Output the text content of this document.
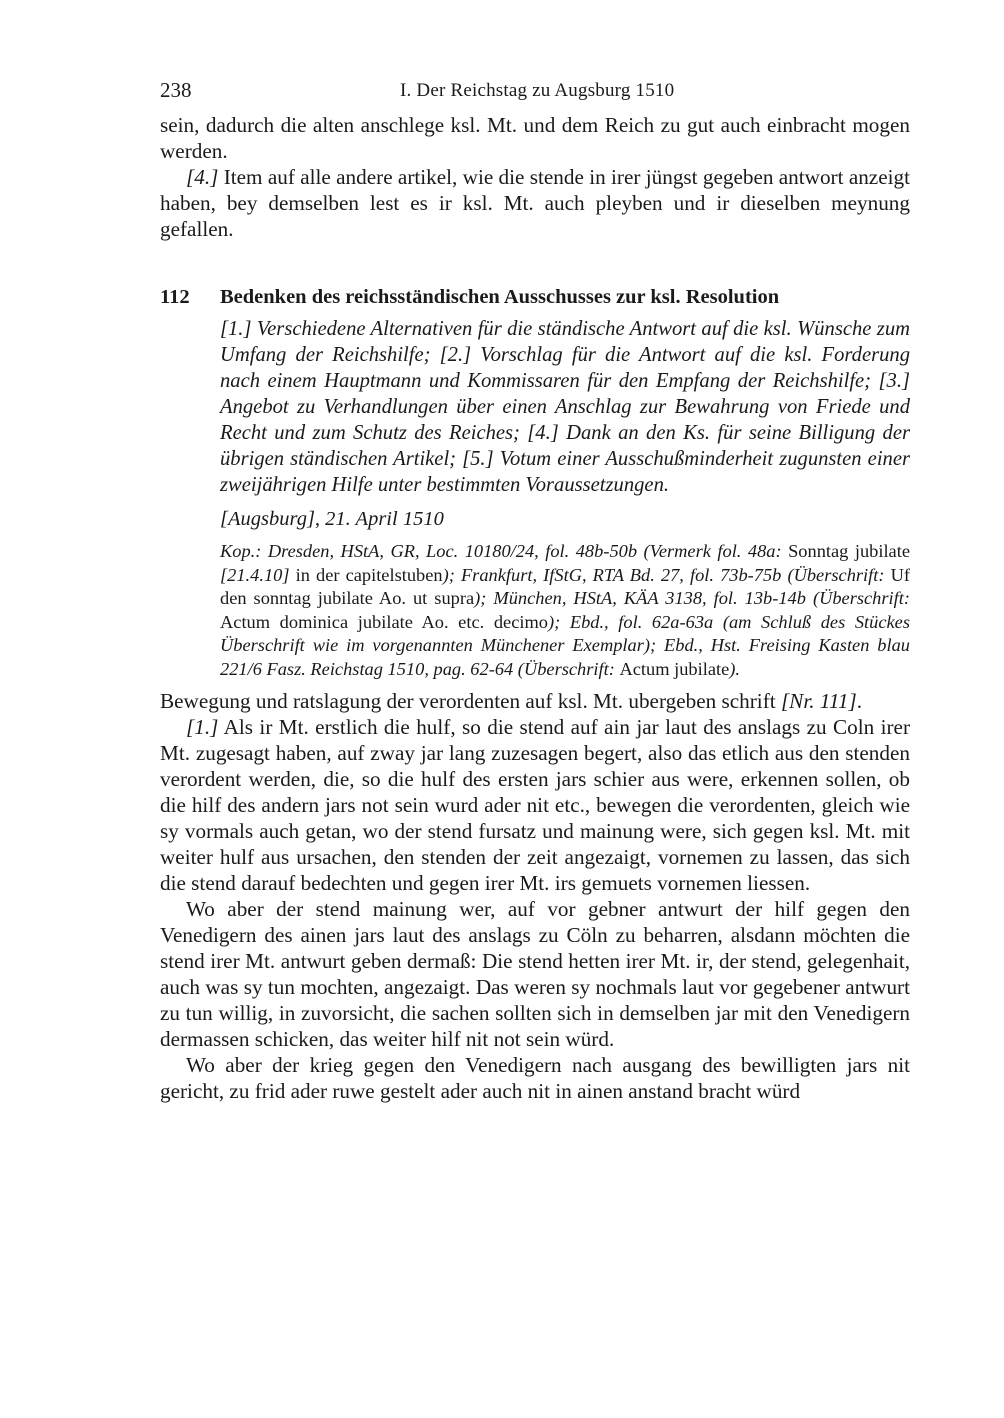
238	I. Der Reichstag zu Augsburg 1510

sein, dadurch die alten anschlege ksl. Mt. und dem Reich zu gut auch einbracht mogen werden.

[4.] Item auf alle andere artikel, wie die stende in irer jüngst gegeben antwort anzeigt haben, bey demselben lest es ir ksl. Mt. auch pleyben und ir dieselben meynung gefallen.

112 Bedenken des reichsständischen Ausschusses zur ksl. Resolution

[1.] Verschiedene Alternativen für die ständische Antwort auf die ksl. Wünsche zum Umfang der Reichshilfe; [2.] Vorschlag für die Antwort auf die ksl. Forderung nach einem Hauptmann und Kommissaren für den Empfang der Reichshilfe; [3.] Angebot zu Verhandlungen über einen Anschlag zur Bewahrung von Friede und Recht und zum Schutz des Reiches; [4.] Dank an den Ks. für seine Billigung der übrigen ständischen Artikel; [5.] Votum einer Ausschußminderheit zugunsten einer zweijährigen Hilfe unter bestimmten Voraussetzungen.

[Augsburg], 21. April 1510

Kop.: Dresden, HStA, GR, Loc. 10180/24, fol. 48b-50b (Vermerk fol. 48a: Sonntag jubilate [21.4.10] in der capitelstuben); Frankfurt, IfStG, RTA Bd. 27, fol. 73b-75b (Überschrift: Uf den sonntag jubilate Ao. ut supra); München, HStA, KÄA 3138, fol. 13b-14b (Überschrift: Actum dominica jubilate Ao. etc. decimo); Ebd., fol. 62a-63a (am Schluß des Stückes Überschrift wie im vorgenannten Münchener Exemplar); Ebd., Hst. Freising Kasten blau 221/6 Fasz. Reichstag 1510, pag. 62-64 (Überschrift: Actum jubilate).

Bewegung und ratslagung der verordenten auf ksl. Mt. ubergeben schrift [Nr. 111].

[1.] Als ir Mt. erstlich die hulf, so die stend auf ain jar laut des anslags zu Coln irer Mt. zugesagt haben, auf zway jar lang zuzesagen begert, also das etlich aus den stenden verordent werden, die, so die hulf des ersten jars schier aus were, erkennen sollen, ob die hilf des andern jars not sein wurd ader nit etc., bewegen die verordenten, gleich wie sy vormals auch getan, wo der stend fursatz und mainung were, sich gegen ksl. Mt. mit weiter hulf aus ursachen, den stenden der zeit angezaigt, vornemen zu lassen, das sich die stend darauf bedechten und gegen irer Mt. irs gemuets vornemen liessen.

Wo aber der stend mainung wer, auf vor gebner antwurt der hilf gegen den Venedigern des ainen jars laut des anslags zu Cöln zu beharren, alsdann möchten die stend irer Mt. antwurt geben dermaß: Die stend hetten irer Mt. ir, der stend, gelegenhait, auch was sy tun mochten, angezaigt. Das weren sy nochmals laut vor gegebener antwurt zu tun willig, in zuvorsicht, die sachen sollten sich in demselben jar mit den Venedigern dermassen schicken, das weiter hilf nit not sein würd.

Wo aber der krieg gegen den Venedigern nach ausgang des bewilligten jars nit gericht, zu frid ader ruwe gestelt ader auch nit in ainen anstand bracht würd
